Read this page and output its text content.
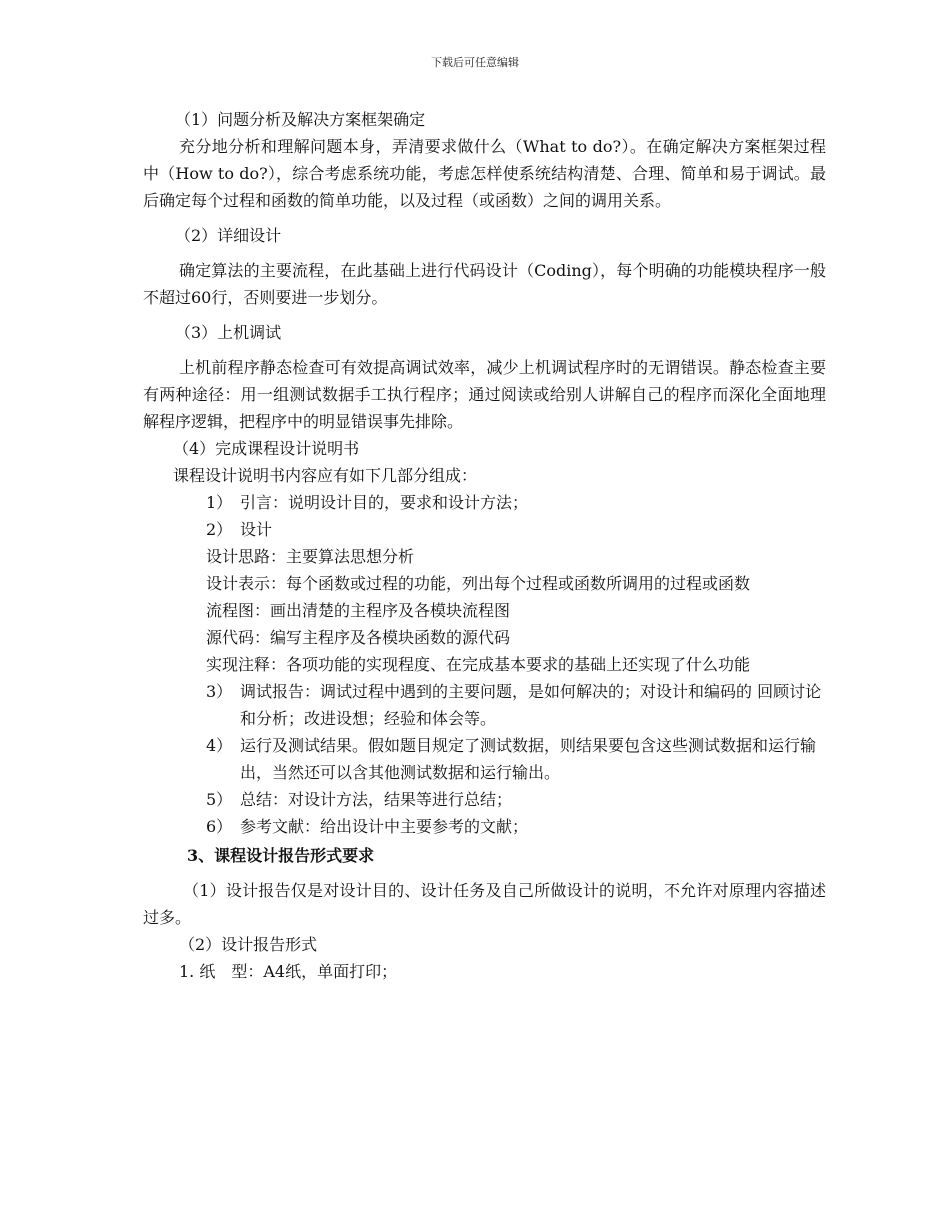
下载后可任意编辑

（1）问题分析及解决方案框架确定

充分地分析和理解问题本身，弄清要求做什么（What to do?）。在确定解决方案框架过程中（How to do?），综合考虑系统功能，考虑怎样使系统结构清楚、合理、简单和易于调试。最后确定每个过程和函数的简单功能，以及过程（或函数）之间的调用关系。

（2）详细设计

确定算法的主要流程，在此基础上进行代码设计（Coding），每个明确的功能模块程序一般不超过60行，否则要进一步划分。

（3）上机调试

上机前程序静态检查可有效提高调试效率，减少上机调试程序时的无谓错误。静态检查主要有两种途径：用一组测试数据手工执行程序；通过阅读或给别人讲解自己的程序而深化全面地理解程序逻辑，把程序中的明显错误事先排除。

（4）完成课程设计说明书

课程设计说明书内容应有如下几部分组成：

1） 引言：说明设计目的，要求和设计方法；
2） 设计
设计思路： 主要算法思想分析
设计表示： 每个函数或过程的功能，列出每个过程或函数所调用的过程或函数
流程图： 画出清楚的主程序及各模块流程图
源代码： 编写主程序及各模块函数的源代码
实现注释： 各项功能的实现程度、在完成基本要求的基础上还实现了什么功能
3） 调试报告：调试过程中遇到的主要问题，是如何解决的；对设计和编码的 回顾讨论和分析；改进设想；经验和体会等。
4） 运行及测试结果。假如题目规定了测试数据，则结果要包含这些测试数据和运行输出，当然还可以含其他测试数据和运行输出。
5） 总结：对设计方法，结果等进行总结；
6） 参考文献：给出设计中主要参考的文献；

3、课程设计报告形式要求

（1）设计报告仅是对设计目的、设计任务及自己所做设计的说明，不允许对原理内容描述过多。

（2）设计报告形式

1. 纸　型：A4纸，单面打印；
